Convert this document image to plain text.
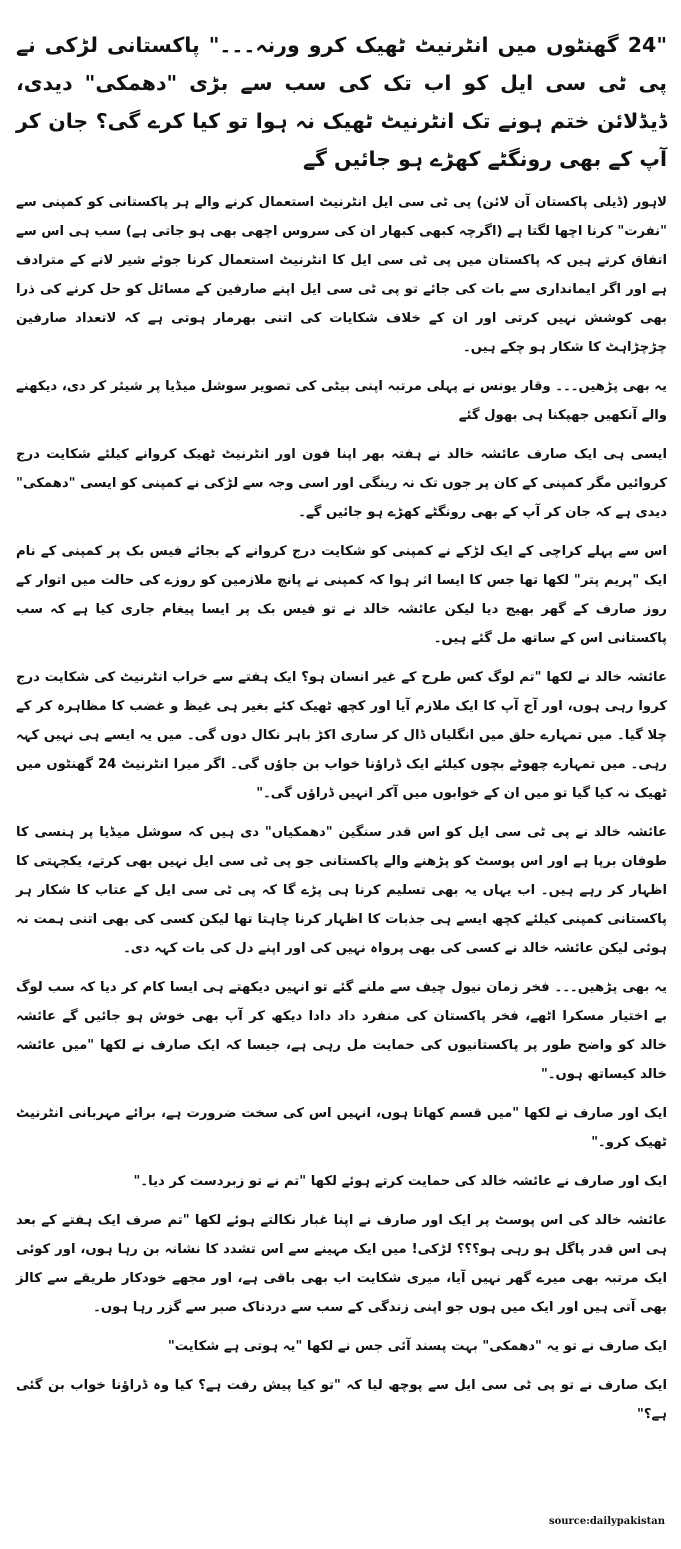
"24 گھنٹوں میں انٹرنیٹ ٹھیک کرو ورنہ۔۔۔" پاکستانی لڑکی نے پی ٹی سی ایل کو اب تک کی سب سے بڑی "دھمکی" دیدی، ڈیڈلائن ختم ہونے تک انٹرنیٹ ٹھیک نہ ہوا تو کیا کرے گی؟ جان کر آپ کے بھی رونگٹے کھڑے ہو جائیں گے

لاہور (ڈیلی پاکستان آن لائن) پی ٹی سی ایل انٹرنیٹ استعمال کرنے والے ہر پاکستانی کو کمپنی سے "نفرت" کرنا اچھا لگتا ہے (اگرچہ کبھی کبھار ان کی سروس اچھی بھی ہو جاتی ہے) سب ہی اس سے اتفاق کرتے ہیں کہ پاکستان میں پی ٹی سی ایل کا انٹرنیٹ استعمال کرنا جوئے شیر لانے کے مترادف ہے اور اگر ایمانداری سے بات کی جائے تو پی ٹی سی ایل اپنے صارفین کے مسائل کو حل کرنے کی ذرا بھی کوشش نہیں کرتی اور ان کے خلاف شکایات کی اتنی بھرمار ہوتی ہے کہ لاتعداد صارفین چڑچڑاہٹ کا شکار ہو چکے ہیں۔

یہ بھی پڑھیں۔۔۔ وقار یونس نے پہلی مرتبہ اپنی بیٹی کی تصویر سوشل میڈیا پر شیئر کر دی، دیکھنے والے آنکھیں جھپکنا ہی بھول گئے

ایسی ہی ایک صارف عائشہ خالد نے ہفتہ بھر اپنا فون اور انٹرنیٹ ٹھیک کروانے کیلئے شکایت درج کروائیں مگر کمپنی کے کان پر جوں تک نہ رینگی اور اسی وجہ سے لڑکی نے کمپنی کو ایسی "دھمکی" دیدی ہے کہ جان کر آپ کے بھی رونگٹے کھڑے ہو جائیں گے۔

اس سے پہلے کراچی کے ایک لڑکے نے کمپنی کو شکایت درج کروانے کے بجائے فیس بک پر کمپنی کے نام ایک "پریم پتر" لکھا تھا جس کا ایسا اثر ہوا کہ کمپنی نے پانچ ملازمین کو روزے کی حالت میں اتوار کے روز صارف کے گھر بھیج دیا لیکن عائشہ خالد نے تو فیس بک پر ایسا پیغام جاری کیا ہے کہ سب پاکستانی اس کے ساتھ مل گئے ہیں۔

عائشہ خالد نے لکھا "تم لوگ کس طرح کے غیر انسان ہو؟ ایک ہفتے سے خراب انٹرنیٹ کی شکایت درج کروا رہی ہوں، اور آج آپ کا ایک ملازم آیا اور کچھ ٹھیک کئے بغیر ہی غیظ و غضب کا مظاہرہ کر کے چلا گیا۔ میں تمہارے حلق میں انگلیاں ڈال کر ساری اکڑ باہر نکال دوں گی۔ میں یہ ایسے ہی نہیں کہہ رہی۔ میں تمہارے چھوٹے بچوں کیلئے ایک ڈراؤنا خواب بن جاؤں گی۔ اگر میرا انٹرنیٹ 24 گھنٹوں میں ٹھیک نہ کیا گیا تو میں ان کے خوابوں میں آکر انہیں ڈراؤں گی۔"

عائشہ خالد نے پی ٹی سی ایل کو اس قدر سنگین "دھمکیاں" دی ہیں کہ سوشل میڈیا پر ہنسی کا طوفان برپا ہے اور اس پوسٹ کو پڑھنے والے پاکستانی جو پی ٹی سی ایل نہیں بھی کرتے، یکجہتی کا اظہار کر رہے ہیں۔ اب یہاں یہ بھی تسلیم کرنا ہی پڑے گا کہ پی ٹی سی ایل کے عتاب کا شکار ہر پاکستانی کمپنی کیلئے کچھ ایسے ہی جذبات کا اظہار کرنا چاہتا تھا لیکن کسی کی بھی اتنی ہمت نہ ہوئی لیکن عائشہ خالد نے کسی کی بھی پرواہ نہیں کی اور اپنے دل کی بات کہہ دی۔

یہ بھی پڑھیں۔۔۔ فخر زمان نیول چیف سے ملنے گئے تو انہیں دیکھتے ہی ایسا کام کر دیا کہ سب لوگ بے اختیار مسکرا اٹھے، فخر پاکستان کی منفرد داد دادا دیکھ کر آپ بھی خوش ہو جائیں گے عائشہ خالد کو واضح طور پر پاکستانیوں کی حمایت مل رہی ہے، جیسا کہ ایک صارف نے لکھا "میں عائشہ خالد کیساتھ ہوں۔"

ایک اور صارف نے لکھا "میں قسم کھاتا ہوں، انہیں اس کی سخت ضرورت ہے، برائے مہربانی انٹرنیٹ ٹھیک کرو۔"

ایک اور صارف نے عائشہ خالد کی حمایت کرتے ہوئے لکھا "تم نے تو زبردست کر دیا۔"

عائشہ خالد کی اس پوسٹ پر ایک اور صارف نے اپنا غبار نکالتے ہوئے لکھا "تم صرف ایک ہفتے کے بعد ہی اس قدر پاگل ہو رہی ہو؟؟؟ لڑکی! میں ایک مہینے سے اس تشدد کا نشانہ بن رہا ہوں، اور کوئی ایک مرتبہ بھی میرے گھر نہیں آیا، میری شکایت اب بھی باقی ہے، اور مجھے خودکار طریقے سے کالز بھی آتی ہیں اور ایک میں ہوں جو اپنی زندگی کے سب سے دردناک صبر سے گزر رہا ہوں۔

ایک صارف نے تو یہ "دھمکی" بہت پسند آئی جس نے لکھا "یہ ہوتی ہے شکایت"

ایک صارف نے تو پی ٹی سی ایل سے پوچھ لیا کہ "تو کیا پیش رفت ہے؟ کیا وہ ڈراؤنا خواب بن گئی ہے؟"

source:dailypakistan
